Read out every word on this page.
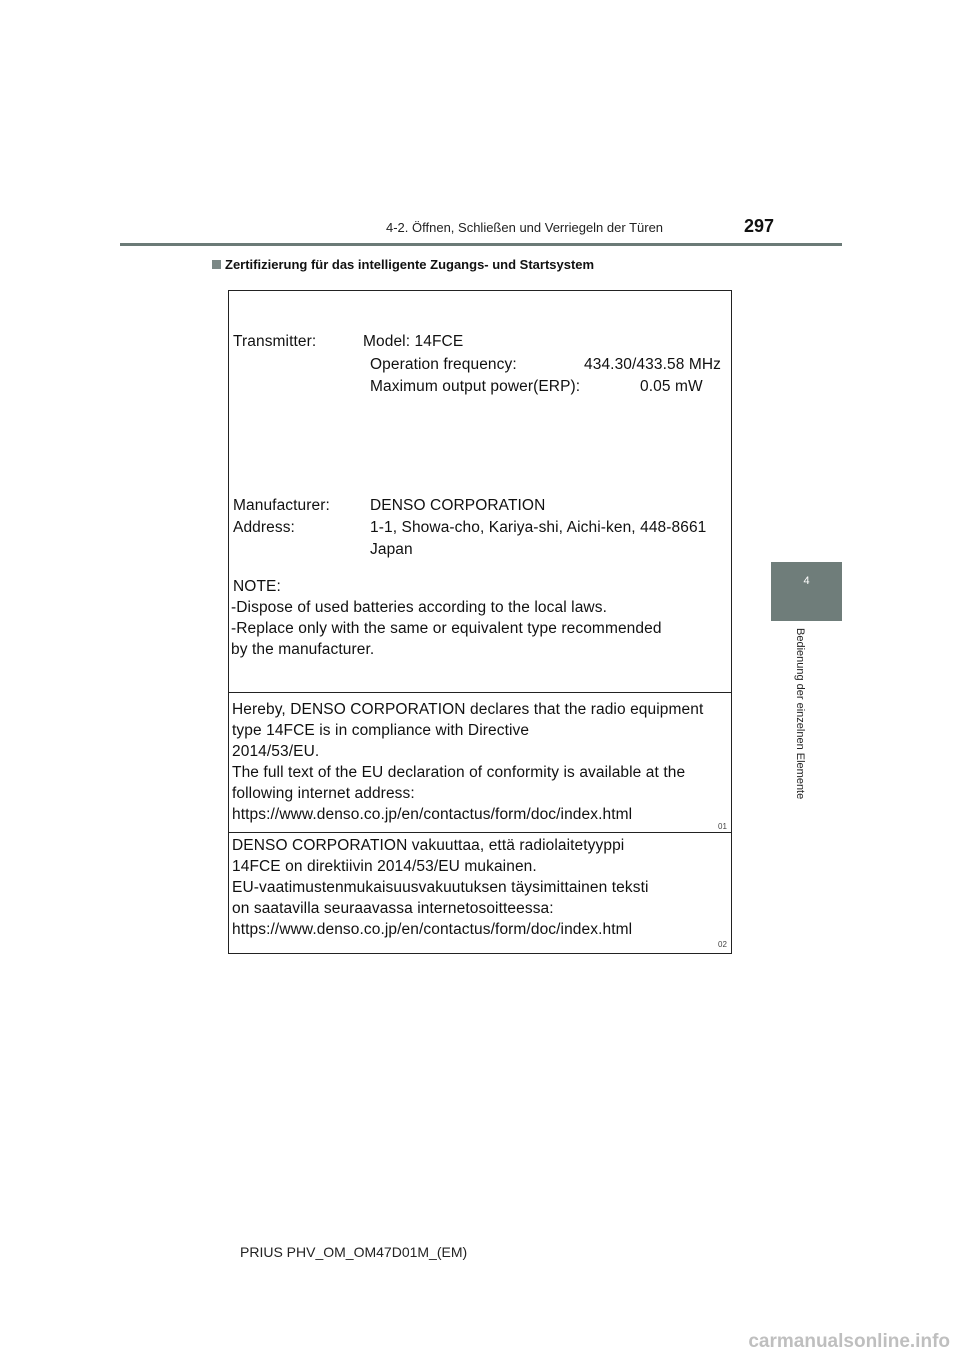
4-2. Öffnen, Schließen und Verriegeln der Türen	297
Zertifizierung für das intelligente Zugangs- und Startsystem
4
Bedienung der einzelnen Elemente
Transmitter:	Model: 14FCE
Operation frequency:	434.30/433.58 MHz
Maximum output power(ERP):	0.05 mW
Manufacturer:	DENSO CORPORATION
Address:	1-1, Showa-cho, Kariya-shi, Aichi-ken, 448-8661
Japan
NOTE:
-Dispose of used batteries according to the local laws.
-Replace only with the same or equivalent type recommended
by the manufacturer.
Hereby, DENSO CORPORATION declares that the radio equipment
type 14FCE is in compliance with Directive
2014/53/EU.
The full text of the EU declaration of conformity is available at the
following internet address:
https://www.denso.co.jp/en/contactus/form/doc/index.html
01
DENSO CORPORATION vakuuttaa, että radiolaitetyyppi
14FCE on direktiivin 2014/53/EU mukainen.
EU-vaatimustenmukaisuusvakuutuksen täysimittainen teksti
on saatavilla seuraavassa internetosoitteessa:
https://www.denso.co.jp/en/contactus/form/doc/index.html
02
PRIUS PHV_OM_OM47D01M_(EM)
carmanualsonline.info
